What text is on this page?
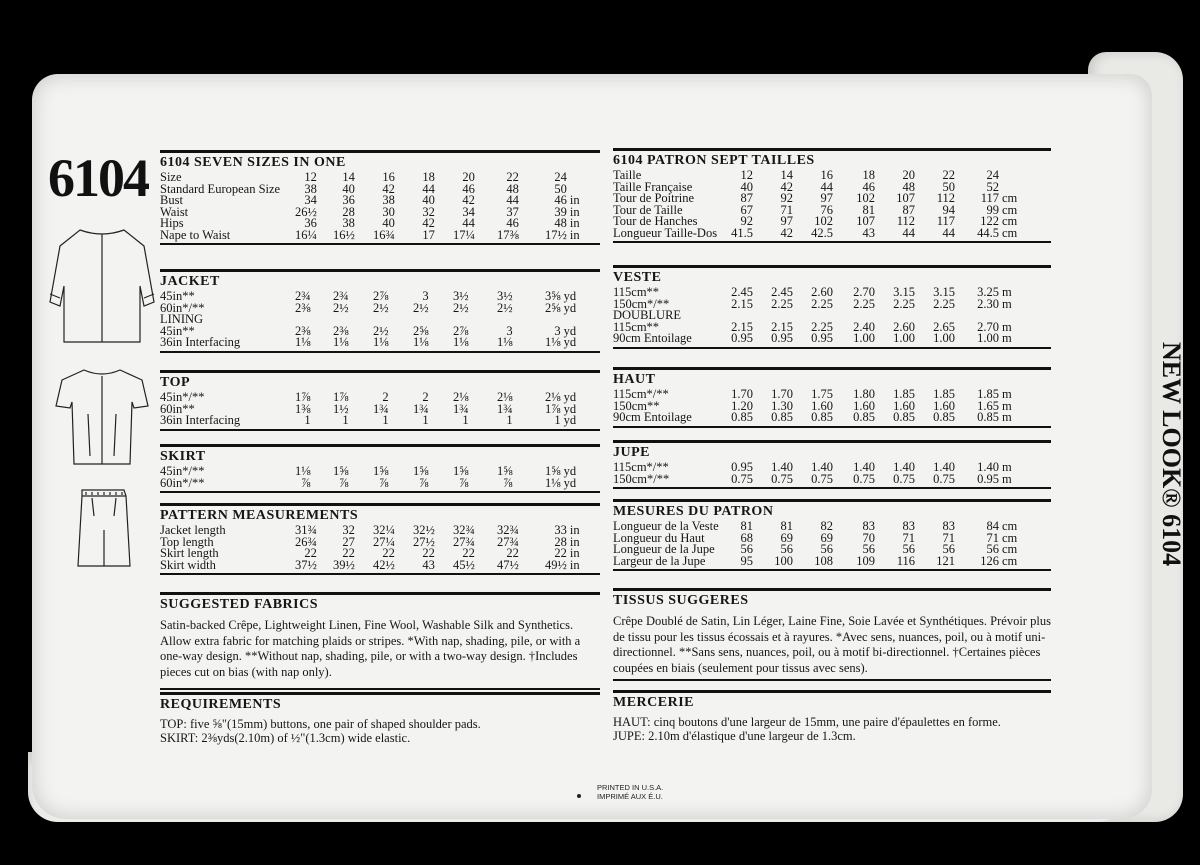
NEW LOOK® 6104
6104 6104 SEVEN SIZES IN ONE
Size	12	14	16	18	20	22	24	
Standard European Size	38	40	42	44	46	48	50	
Bust	34	36	38	40	42	44	46	in
Waist	26½	28	30	32	34	37	39	in
Hips	36	38	40	42	44	46	48	in
Nape to Waist	16¼	16½	16¾	17	17¼	17⅜	17½	in
JACKET
45in**	2¾	2¾	2⅞	3	3½	3½	3⅝	yd
60in*/**	2⅜	2½	2½	2½	2½	2½	2⅝	yd
LINING								
45in**	2⅜	2⅜	2½	2⅝	2⅞	3	3	yd
36in Interfacing	1⅛	1⅛	1⅛	1⅛	1⅛	1⅛	1⅛	yd
TOP
45in*/**	1⅞	1⅞	2	2	2⅛	2⅛	2⅛	yd
60in**	1⅜	1½	1¾	1¾	1¾	1¾	1⅞	yd
36in Interfacing	1	1	1	1	1	1	1	yd
SKIRT
45in*/**	1⅛	1⅝	1⅝	1⅝	1⅝	1⅝	1⅝	yd
60in*/**	⅞	⅞	⅞	⅞	⅞	⅞	1⅛	yd
PATTERN MEASUREMENTS
Jacket length	31¾	32	32¼	32½	32¾	32¾	33	in
Top length	26¾	27	27¼	27½	27¾	27¾	28	in
Skirt length	22	22	22	22	22	22	22	in
Skirt width	37½	39½	42½	43	45½	47½	49½	in
SUGGESTED FABRICS
Satin-backed Crêpe, Lightweight Linen, Fine Wool, Washable Silk and Synthetics. Allow extra fabric for matching plaids or stripes. *With nap, shading, pile, or with a one-way design. **Without nap, shading, pile, or with a two-way design. †Includes pieces cut on bias (with nap only).
REQUIREMENTS
TOP: five ⅝"(15mm) buttons, one pair of shaped shoulder pads.
SKIRT: 2⅜yds(2.10m) of ½"(1.3cm) wide elastic.
6104 PATRON SEPT TAILLES
Taille	12	14	16	18	20	22	24	
Taille Française	40	42	44	46	48	50	52	
Tour de Poitrine	87	92	97	102	107	112	117	cm
Tour de Taille	67	71	76	81	87	94	99	cm
Tour de Hanches	92	97	102	107	112	117	122	cm
Longueur Taille-Dos	41.5	42	42.5	43	44	44	44.5	cm
VESTE
115cm**	2.45	2.45	2.60	2.70	3.15	3.15	3.25	m
150cm*/**	2.15	2.25	2.25	2.25	2.25	2.25	2.30	m
DOUBLURE								
115cm**	2.15	2.15	2.25	2.40	2.60	2.65	2.70	m
90cm Entoilage	0.95	0.95	0.95	1.00	1.00	1.00	1.00	m
HAUT
115cm*/**	1.70	1.70	1.75	1.80	1.85	1.85	1.85	m
150cm**	1.20	1.30	1.60	1.60	1.60	1.60	1.65	m
90cm Entoilage	0.85	0.85	0.85	0.85	0.85	0.85	0.85	m
JUPE
115cm*/**	0.95	1.40	1.40	1.40	1.40	1.40	1.40	m
150cm*/**	0.75	0.75	0.75	0.75	0.75	0.75	0.95	m
MESURES DU PATRON
Longueur de la Veste	81	81	82	83	83	83	84	cm
Longueur du Haut	68	69	69	70	71	71	71	cm
Longueur de la Jupe	56	56	56	56	56	56	56	cm
Largeur de la Jupe	95	100	108	109	116	121	126	cm
TISSUS SUGGERES
Crêpe Doublé de Satin, Lin Léger, Laine Fine, Soie Lavée et Synthétiques. Prévoir plus de tissu pour les tissus écossais et à rayures. *Avec sens, nuances, poil, ou à motif uni-directionnel. **Sans sens, nuances, poil, ou à motif bi-directionnel. †Certaines pièces coupées en biais (seulement pour tissus avec sens).
MERCERIE
HAUT: cinq boutons d'une largeur de 15mm, une paire d'épaulettes en forme.
JUPE: 2.10m d'élastique d'une largeur de 1.3cm.
PRINTED IN U.S.A.
IMPRIMÉ AUX É.U.
